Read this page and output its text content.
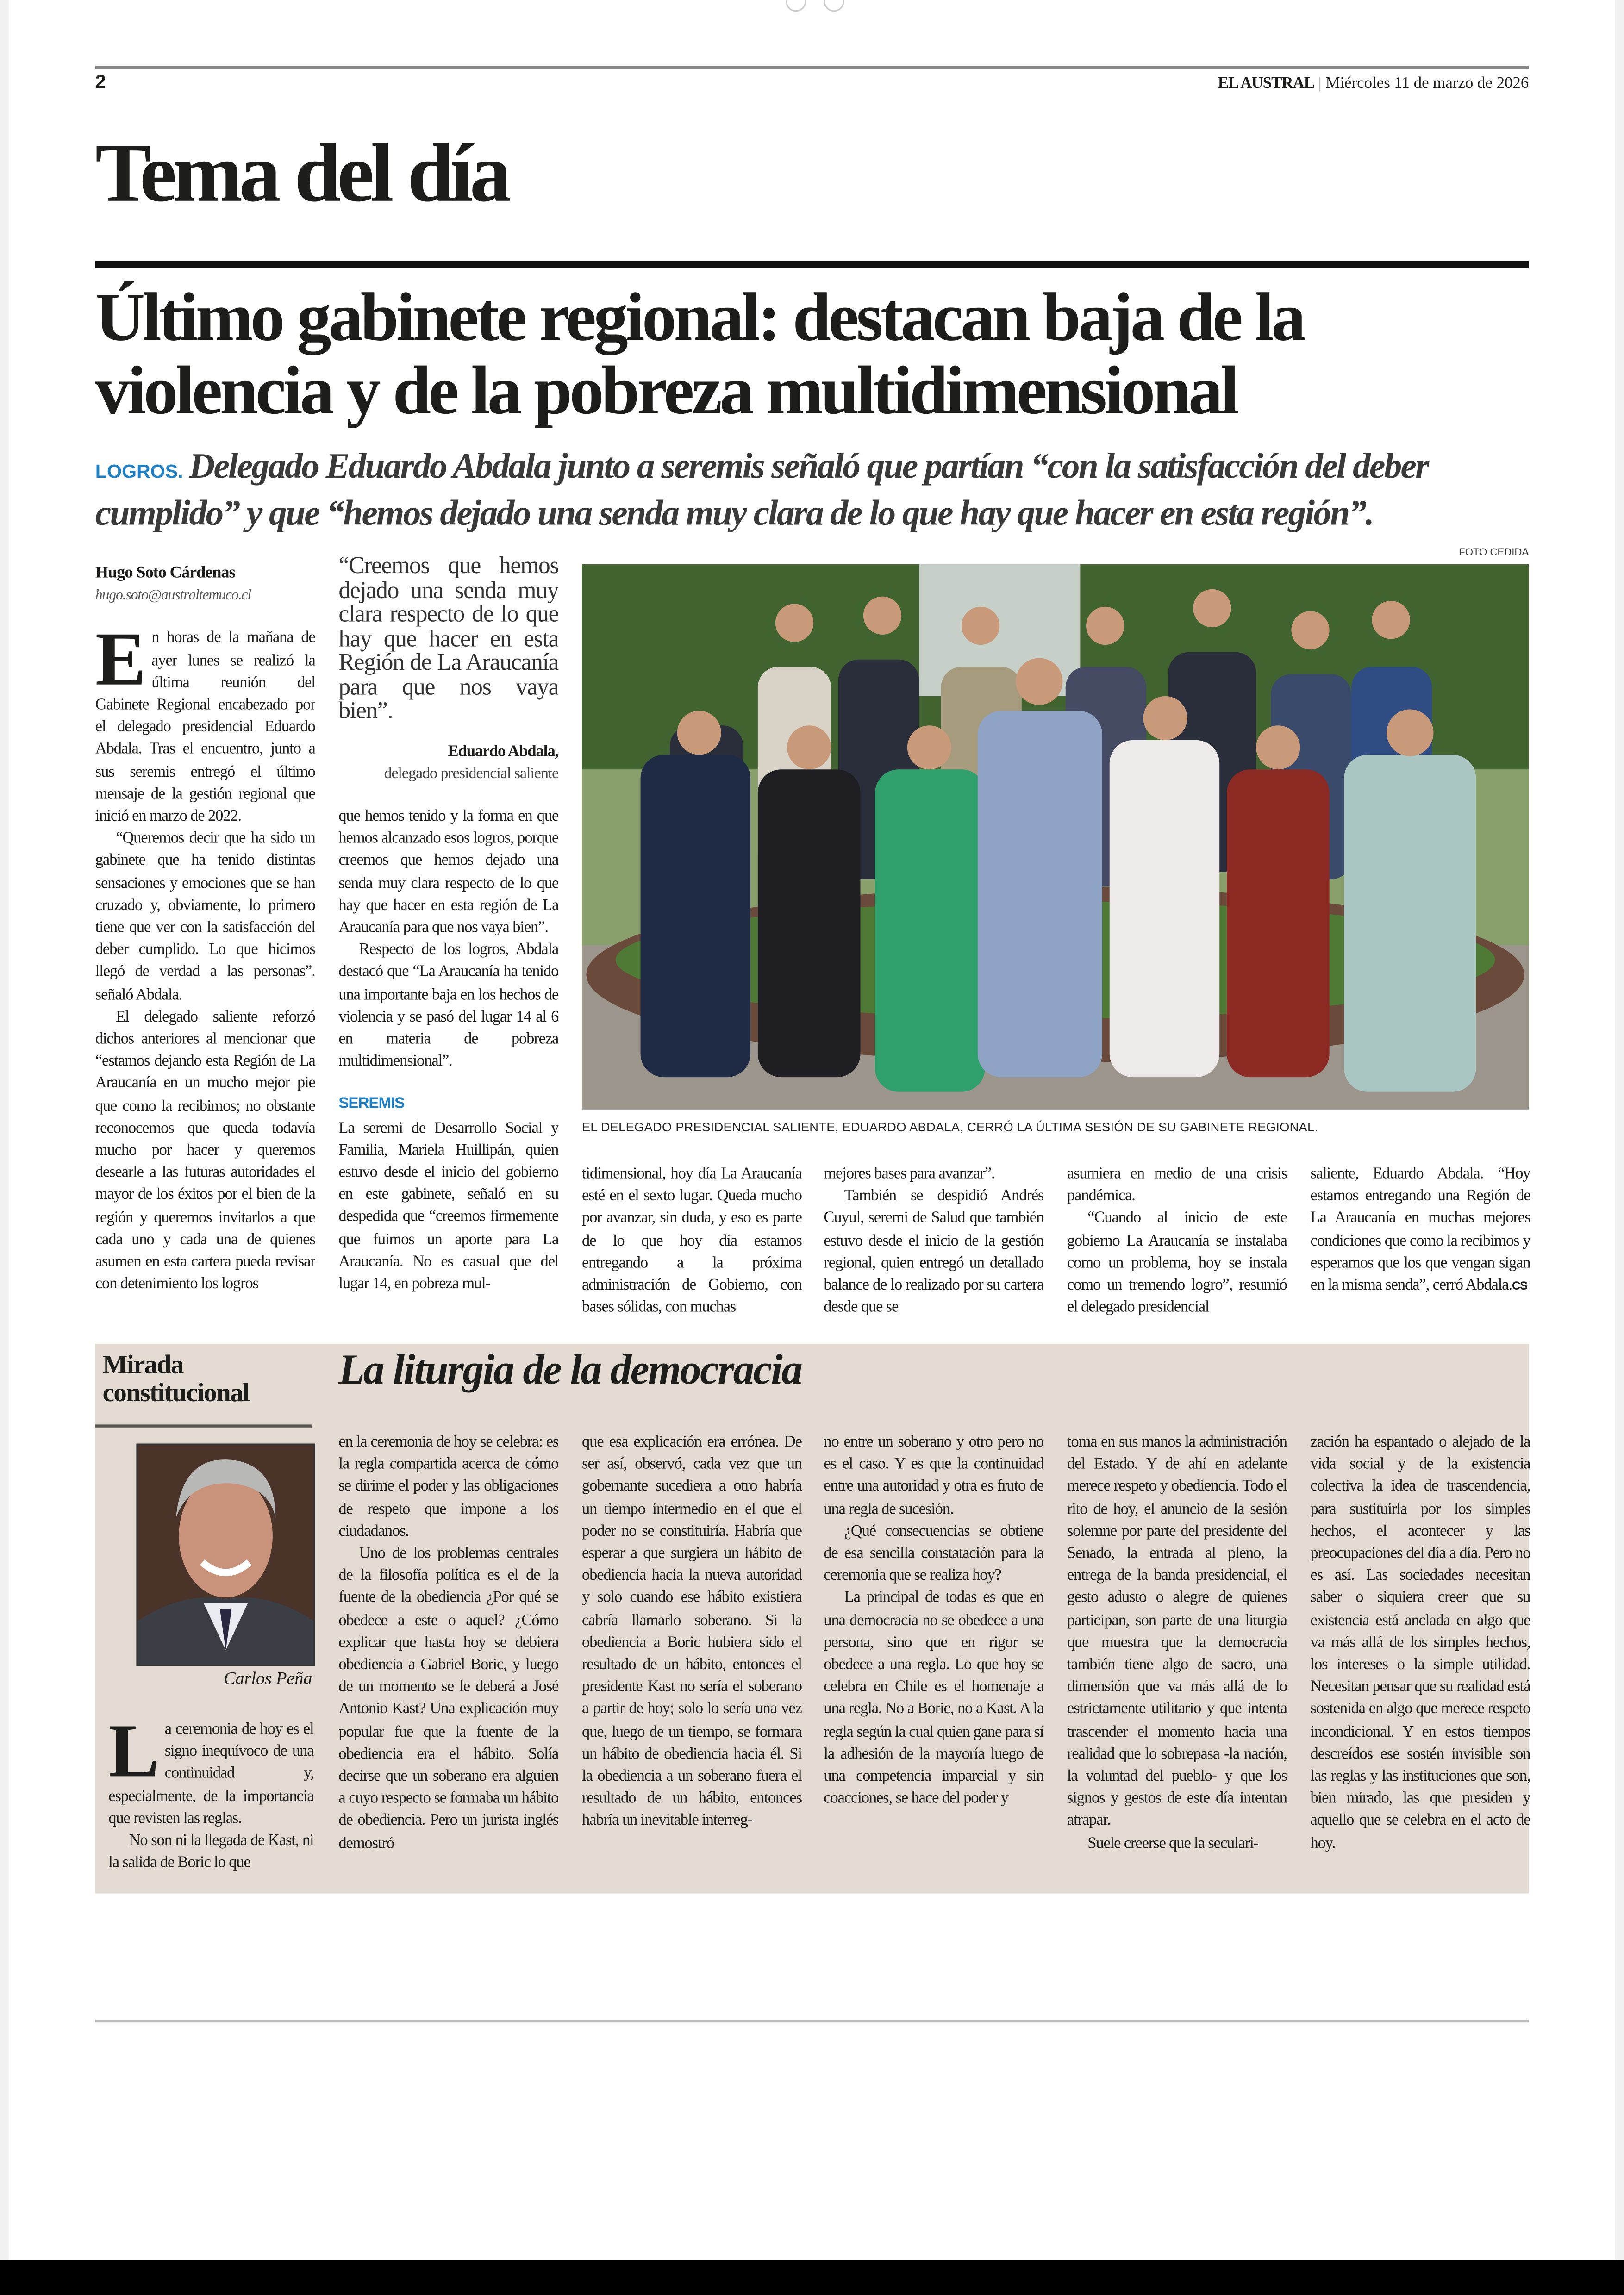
2	EL AUSTRAL | Miércoles 11 de marzo de 2026
Tema del día
Último gabinete regional: destacan baja de la violencia y de la pobreza multidimensional
LOGROS. Delegado Eduardo Abdala junto a seremis señaló que partían “con la satisfacción del deber cumplido” y que “hemos dejado una senda muy clara de lo que hay que hacer en esta región”.
Hugo Soto Cárdenas
hugo.soto@australtemuco.cl

E n horas de la mañana de ayer lunes se realizó la última reunión del Gabinete Regional encabezado por el delegado presidencial Eduardo Abdala. Tras el encuentro, junto a sus seremis entregó el último mensaje de la gestión regional que inició en marzo de 2022.

“Queremos decir que ha sido un gabinete que ha tenido distintas sensaciones y emociones que se han cruzado y, obviamente, lo primero tiene que ver con la satisfacción del deber cumplido. Lo que hicimos llegó de verdad a las personas”. señaló Abdala.

El delegado saliente reforzó dichos anteriores al mencionar que “estamos dejando esta Región de La Araucanía en un mucho mejor pie que como la recibimos; no obstante reconocemos que queda todavía mucho por hacer y queremos desearle a las futuras autoridades el mayor de los éxitos por el bien de la región y queremos invitarlos a que cada uno y cada una de quienes asumen en esta cartera pueda revisar con detenimiento los logros

“Creemos que hemos dejado una senda muy clara respecto de lo que hay que hacer en esta Región de La Araucanía para que nos vaya bien”.
Eduardo Abdala,
delegado presidencial saliente

que hemos tenido y la forma en que hemos alcanzado esos logros, porque creemos que hemos dejado una senda muy clara respecto de lo que hay que hacer en esta región de La Araucanía para que nos vaya bien”.

Respecto de los logros, Abdala destacó que “La Araucanía ha tenido una importante baja en los hechos de violencia y se pasó del lugar 14 al 6 en materia de pobreza multidimensional”.

SEREMIS

La seremi de Desarrollo Social y Familia, Mariela Huillipán, quien estuvo desde el inicio del gobierno en este gabinete, señaló en su despedida que “creemos firmemente que fuimos un aporte para La Araucanía. No es casual que del lugar 14, en pobreza mul-

FOTO CEDIDA
EL DELEGADO PRESIDENCIAL SALIENTE, EDUARDO ABDALA, CERRÓ LA ÚLTIMA SESIÓN DE SU GABINETE REGIONAL.

tidimensional, hoy día La Araucanía esté en el sexto lugar. Queda mucho por avanzar, sin duda, y eso es parte de lo que hoy día estamos entregando a la próxima administración de Gobierno, con bases sólidas, con muchas

mejores bases para avanzar”.

También se despidió Andrés Cuyul, seremi de Salud que también estuvo desde el inicio de la gestión regional, quien entregó un detallado balance de lo realizado por su cartera desde que se

asumiera en medio de una crisis pandémica.

“Cuando al inicio de este gobierno La Araucanía se instalaba como un problema, hoy se instala como un tremendo logro”, resumió el delegado presidencial

saliente, Eduardo Abdala. “Hoy estamos entregando una Región de La Araucanía en muchas mejores condiciones que como la recibimos y esperamos que los que vengan sigan en la misma senda”, cerró Abdala.CS

Mirada
constitucional	La liturgia de la democracia
Carlos Peña

L a ceremonia de hoy es el signo inequívoco de una continuidad y, especialmente, de la importancia que revisten las reglas.

No son ni la llegada de Kast, ni la salida de Boric lo que

en la ceremonia de hoy se celebra: es la regla compartida acerca de cómo se dirime el poder y las obligaciones de respeto que impone a los ciudadanos.

Uno de los problemas centrales de la filosofía política es el de la fuente de la obediencia ¿Por qué se obedece a este o aquel? ¿Cómo explicar que hasta hoy se debiera obediencia a Gabriel Boric, y luego de un momento se le deberá a José Antonio Kast? Una explicación muy popular fue que la fuente de la obediencia era el hábito. Solía decirse que un soberano era alguien a cuyo respecto se formaba un hábito de obediencia. Pero un jurista inglés demostró

que esa explicación era errónea. De ser así, observó, cada vez que un gobernante sucediera a otro habría un tiempo intermedio en el que el poder no se constituiría. Habría que esperar a que surgiera un hábito de obediencia hacia la nueva autoridad y solo cuando ese hábito existiera cabría llamarlo soberano. Si la obediencia a Boric hubiera sido el resultado de un hábito, entonces el presidente Kast no sería el soberano a partir de hoy; solo lo sería una vez que, luego de un tiempo, se formara un hábito de obediencia hacia él. Si la obediencia a un soberano fuera el resultado de un hábito, entonces habría un inevitable interreg-

no entre un soberano y otro pero no es el caso. Y es que la continuidad entre una autoridad y otra es fruto de una regla de sucesión.

¿Qué consecuencias se obtiene de esa sencilla constatación para la ceremonia que se realiza hoy?

La principal de todas es que en una democracia no se obedece a una persona, sino que en rigor se obedece a una regla. Lo que hoy se celebra en Chile es el homenaje a una regla. No a Boric, no a Kast. A la regla según la cual quien gane para sí la adhesión de la mayoría luego de una competencia imparcial y sin coacciones, se hace del poder y

toma en sus manos la administración del Estado. Y de ahí en adelante merece respeto y obediencia. Todo el rito de hoy, el anuncio de la sesión solemne por parte del presidente del Senado, la entrada al pleno, la entrega de la banda presidencial, el gesto adusto o alegre de quienes participan, son parte de una liturgia que muestra que la democracia también tiene algo de sacro, una dimensión que va más allá de lo estrictamente utilitario y que intenta trascender el momento hacia una realidad que lo sobrepasa -la nación, la voluntad del pueblo- y que los signos y gestos de este día intentan atrapar.

Suele creerse que la seculari-

zación ha espantado o alejado de la vida social y de la existencia colectiva la idea de trascendencia, para sustituirla por los simples hechos, el acontecer y las preocupaciones del día a día. Pero no es así. Las sociedades necesitan saber o siquiera creer que su existencia está anclada en algo que va más allá de los simples hechos, los intereses o la simple utilidad. Necesitan pensar que su realidad está sostenida en algo que merece respeto incondicional. Y en estos tiempos descreídos ese sostén invisible son las reglas y las instituciones que son, bien mirado, las que presiden y aquello que se celebra en el acto de hoy.
